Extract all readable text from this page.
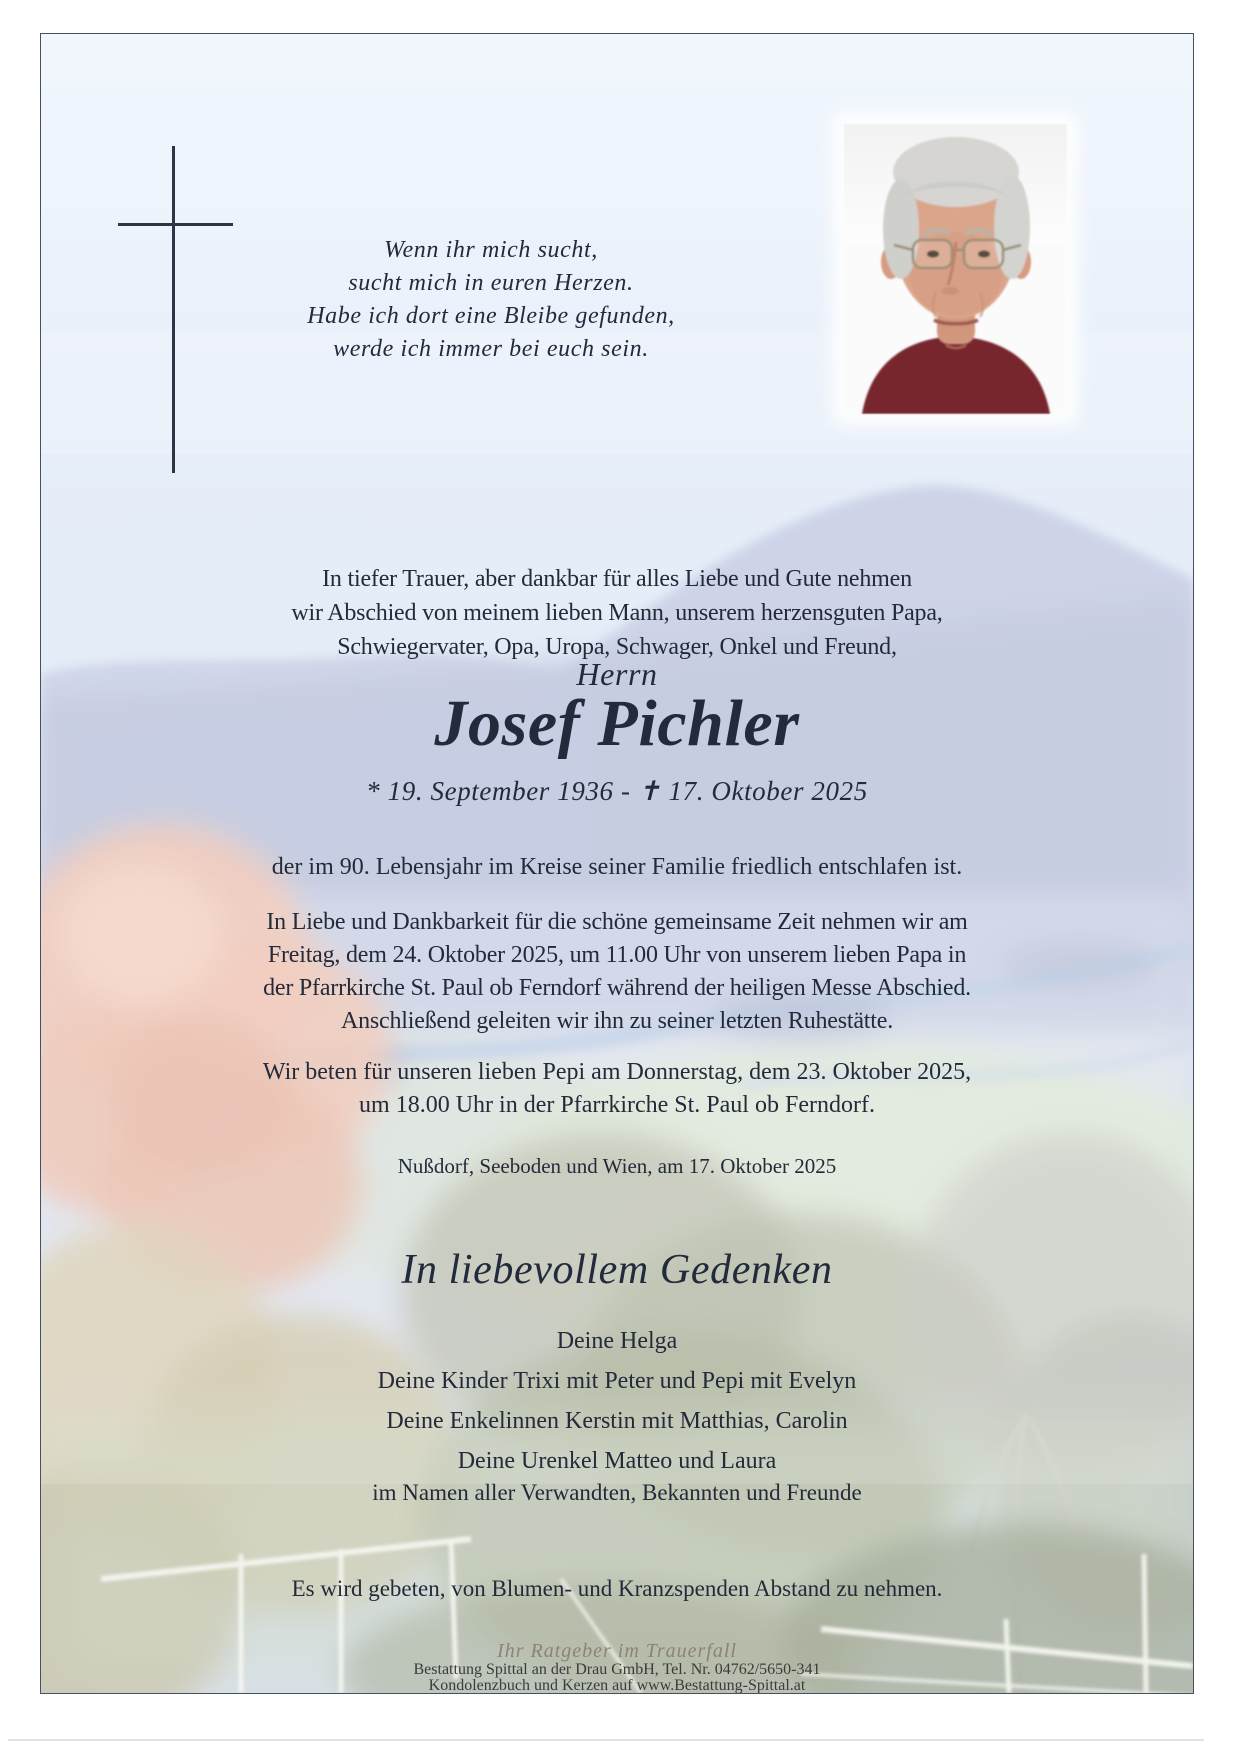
Wenn ihr mich sucht,
sucht mich in euren Herzen.
Habe ich dort eine Bleibe gefunden,
werde ich immer bei euch sein.
In tiefer Trauer, aber dankbar für alles Liebe und Gute nehmen
wir Abschied von meinem lieben Mann, unserem herzensguten Papa,
Schwiegervater, Opa, Uropa, Schwager, Onkel und Freund,
Herrn
Josef Pichler
* 19. September 1936 - ✝ 17. Oktober 2025
der im 90. Lebensjahr im Kreise seiner Familie friedlich entschlafen ist.
In Liebe und Dankbarkeit für die schöne gemeinsame Zeit nehmen wir am
Freitag, dem 24. Oktober 2025, um 11.00 Uhr von unserem lieben Papa in
der Pfarrkirche St. Paul ob Ferndorf während der heiligen Messe Abschied.
Anschließend geleiten wir ihn zu seiner letzten Ruhestätte.
Wir beten für unseren lieben Pepi am Donnerstag, dem 23. Oktober 2025,
um 18.00 Uhr in der Pfarrkirche St. Paul ob Ferndorf.
Nußdorf, Seeboden und Wien, am 17. Oktober 2025
In liebevollem Gedenken
Deine Helga
Deine Kinder Trixi mit Peter und Pepi mit Evelyn
Deine Enkelinnen Kerstin mit Matthias, Carolin
Deine Urenkel Matteo und Laura
im Namen aller Verwandten, Bekannten und Freunde
Es wird gebeten, von Blumen- und Kranzspenden Abstand zu nehmen.
Ihr Ratgeber im Trauerfall
Bestattung Spittal an der Drau GmbH, Tel. Nr. 04762/5650-341
Kondolenzbuch und Kerzen auf www.Bestattung-Spittal.at
